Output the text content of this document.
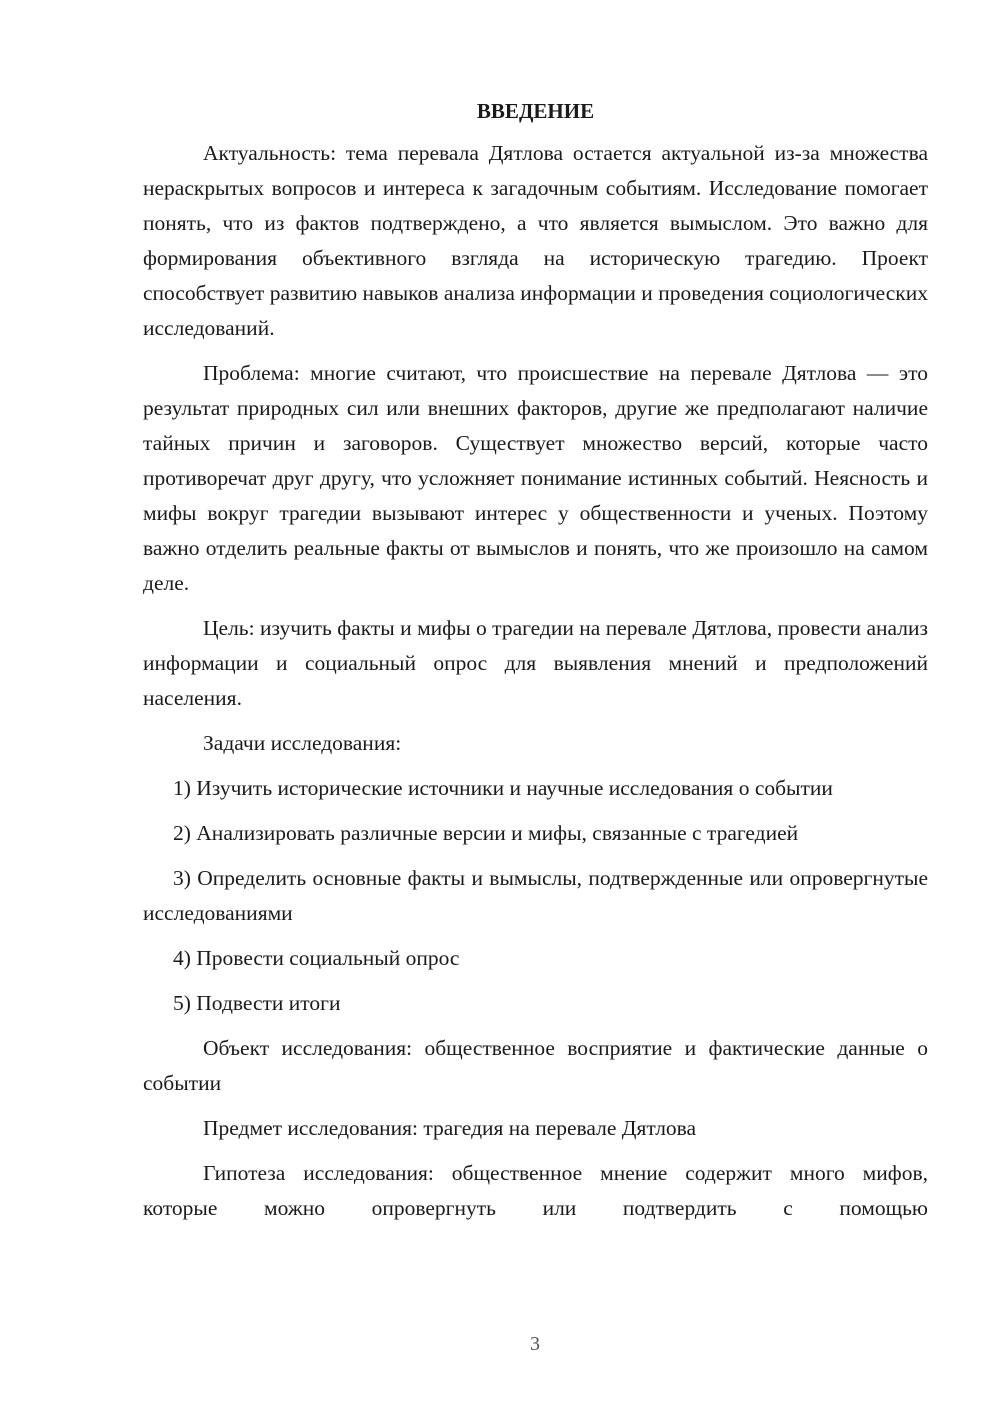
ВВЕДЕНИЕ

Актуальность: тема перевала Дятлова остается актуальной из-за множества нераскрытых вопросов и интереса к загадочным событиям. Исследование помогает понять, что из фактов подтверждено, а что является вымыслом. Это важно для формирования объективного взгляда на историческую трагедию. Проект способствует развитию навыков анализа информации и проведения социологических исследований.

Проблема: многие считают, что происшествие на перевале Дятлова — это результат природных сил или внешних факторов, другие же предполагают наличие тайных причин и заговоров. Существует множество версий, которые часто противоречат друг другу, что усложняет понимание истинных событий. Неясность и мифы вокруг трагедии вызывают интерес у общественности и ученых. Поэтому важно отделить реальные факты от вымыслов и понять, что же произошло на самом деле.

Цель: изучить факты и мифы о трагедии на перевале Дятлова, провести анализ информации и социальный опрос для выявления мнений и предположений населения.

Задачи исследования:

1) Изучить исторические источники и научные исследования о событии

2) Анализировать различные версии и мифы, связанные с трагедией

3) Определить основные факты и вымыслы, подтвержденные или опровергнутые исследованиями

4) Провести социальный опрос

5) Подвести итоги

Объект исследования: общественное восприятие и фактические данные о событии

Предмет исследования: трагедия на перевале Дятлова

Гипотеза исследования: общественное мнение содержит много мифов, которые можно опровергнуть или подтвердить с помощью

3
